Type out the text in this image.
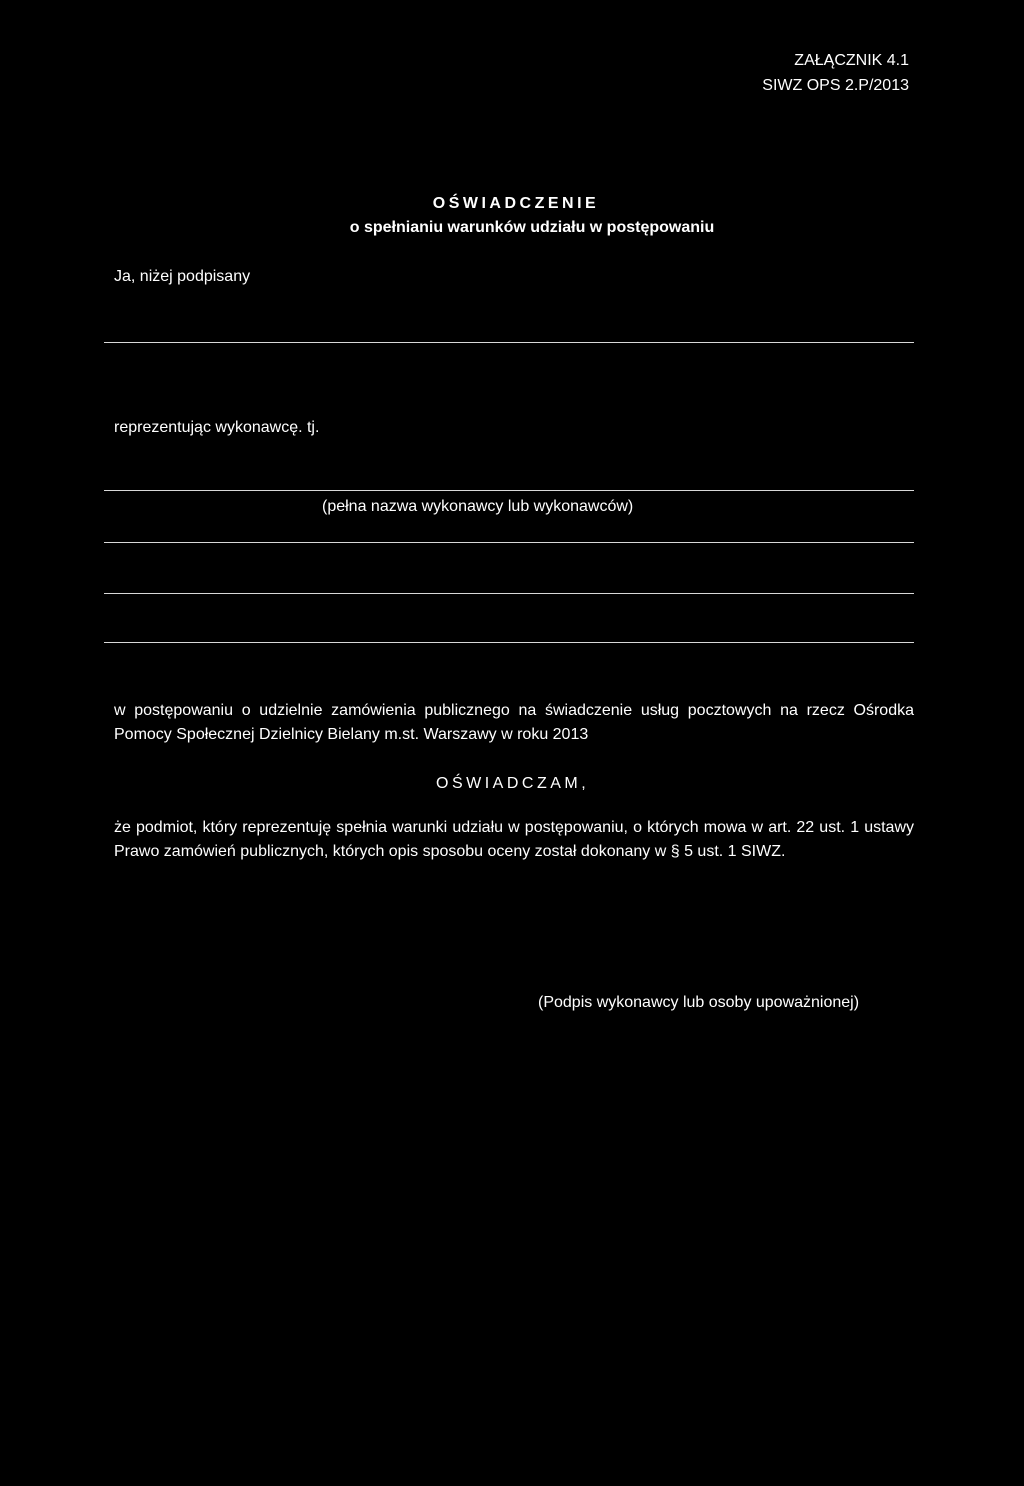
ZAŁĄCZNIK 4.1
SIWZ OPS 2.P/2013
OŚWIADCZENIE
o spełnianiu warunków udziału w postępowaniu
Ja, niżej podpisany
reprezentując wykonawcę. tj.
(pełna nazwa wykonawcy lub wykonawców)
w postępowaniu o udzielnie zamówienia publicznego na świadczenie usług pocztowych na rzecz Ośrodka Pomocy Społecznej Dzielnicy Bielany m.st. Warszawy w roku 2013
OŚWIADCZAM,
że podmiot, który reprezentuję spełnia warunki udziału w postępowaniu, o których mowa w art. 22 ust. 1 ustawy Prawo zamówień publicznych, których opis sposobu oceny został dokonany w § 5 ust. 1 SIWZ.
(Podpis wykonawcy lub osoby upoważnionej)
